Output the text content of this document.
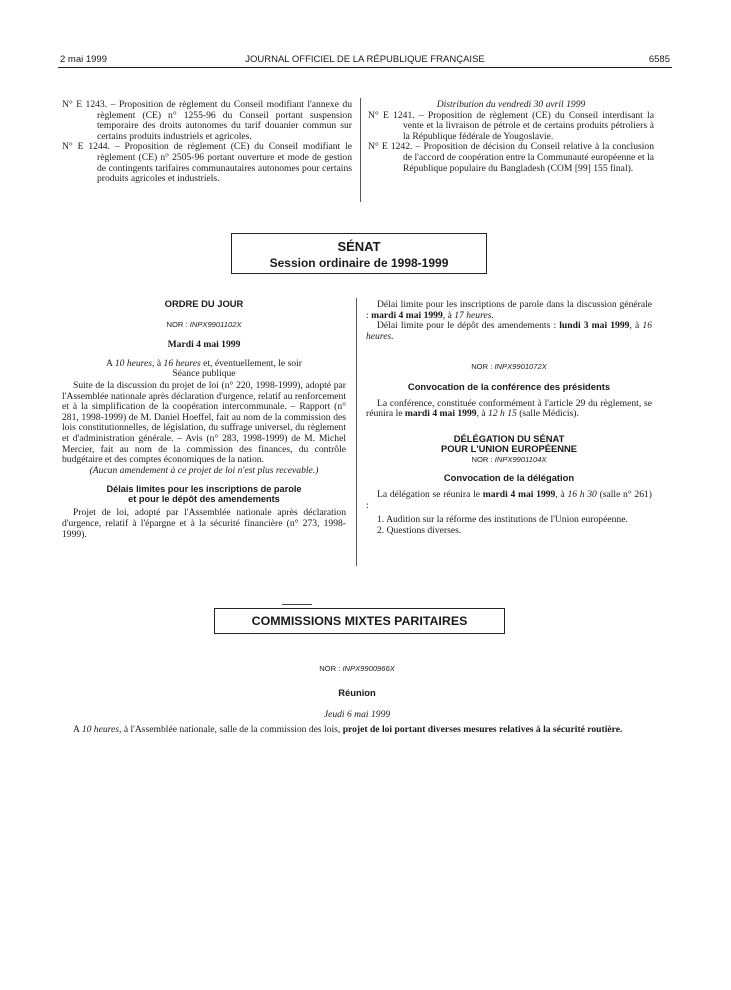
2 mai 1999	JOURNAL OFFICIEL DE LA RÉPUBLIQUE FRANÇAISE	6585

N° E 1243. – Proposition de règlement du Conseil modifiant l'annexe du règlement (CE) n° 1255-96 du Conseil portant suspension temporaire des droits autonomes du tarif douanier commun sur certains produits industriels et agricoles.

N° E 1244. – Proposition de règlement (CE) du Conseil modifiant le règlement (CE) n° 2505-96 portant ouverture et mode de gestion de contingents tarifaires communautaires autonomes pour certains produits agricoles et industriels.

Distribution du vendredi 30 avril 1999

N° E 1241. – Proposition de règlement (CE) du Conseil interdisant la vente et la livraison de pétrole et de certains produits pétroliers à la République fédérale de Yougoslavie.

N° E 1242. – Proposition de décision du Conseil relative à la conclusion de l'accord de coopération entre la Communauté européenne et la République populaire du Bangladesh (COM [99] 155 final).

SÉNAT
Session ordinaire de 1998-1999
ORDRE DU JOUR
NOR : INPX9901102X
Mardi 4 mai 1999

A 10 heures, à 16 heures et, éventuellement, le soir

Séance publique

Suite de la discussion du projet de loi (n° 220, 1998-1999), adopté par l'Assemblée nationale après déclaration d'urgence, relatif au renforcement et à la simplification de la coopération intercommunale. – Rapport (n° 281, 1998-1999) de M. Daniel Hoeffel, fait au nom de la commission des lois constitutionnelles, de législation, du suffrage universel, du règlement et d'administration générale. – Avis (n° 283, 1998-1999) de M. Michel Mercier, fait au nom de la commission des finances, du contrôle budgétaire et des comptes économiques de la nation.

(Aucun amendement à ce projet de loi n'est plus recevable.)

Délais limites pour les inscriptions de parole
et pour le dépôt des amendements

Projet de loi, adopté par l'Assemblée nationale après déclaration d'urgence, relatif à l'épargne et à la sécurité financière (n° 273, 1998-1999).

Délai limite pour les inscriptions de parole dans la discussion générale : mardi 4 mai 1999, à 17 heures.

Délai limite pour le dépôt des amendements : lundi 3 mai 1999, à 16 heures.

NOR : INPX9901072X
Convocation de la conférence des présidents

La conférence, constituée conformément à l'article 29 du règlement, se réunira le mardi 4 mai 1999, à 12 h 15 (salle Médicis).

DÉLÉGATION DU SÉNAT
POUR L'UNION EUROPÉENNE
NOR : INPX9901104X
Convocation de la délégation

La délégation se réunira le mardi 4 mai 1999, à 16 h 30 (salle n° 261) :

1. Audition sur la réforme des institutions de l'Union européenne.

2. Questions diverses.

COMMISSIONS MIXTES PARITAIRES
NOR : INPX9900966X
Réunion
Jeudi 6 mai 1999

A 10 heures, à l'Assemblée nationale, salle de la commission des lois, projet de loi portant diverses mesures relatives à la sécurité routière.
